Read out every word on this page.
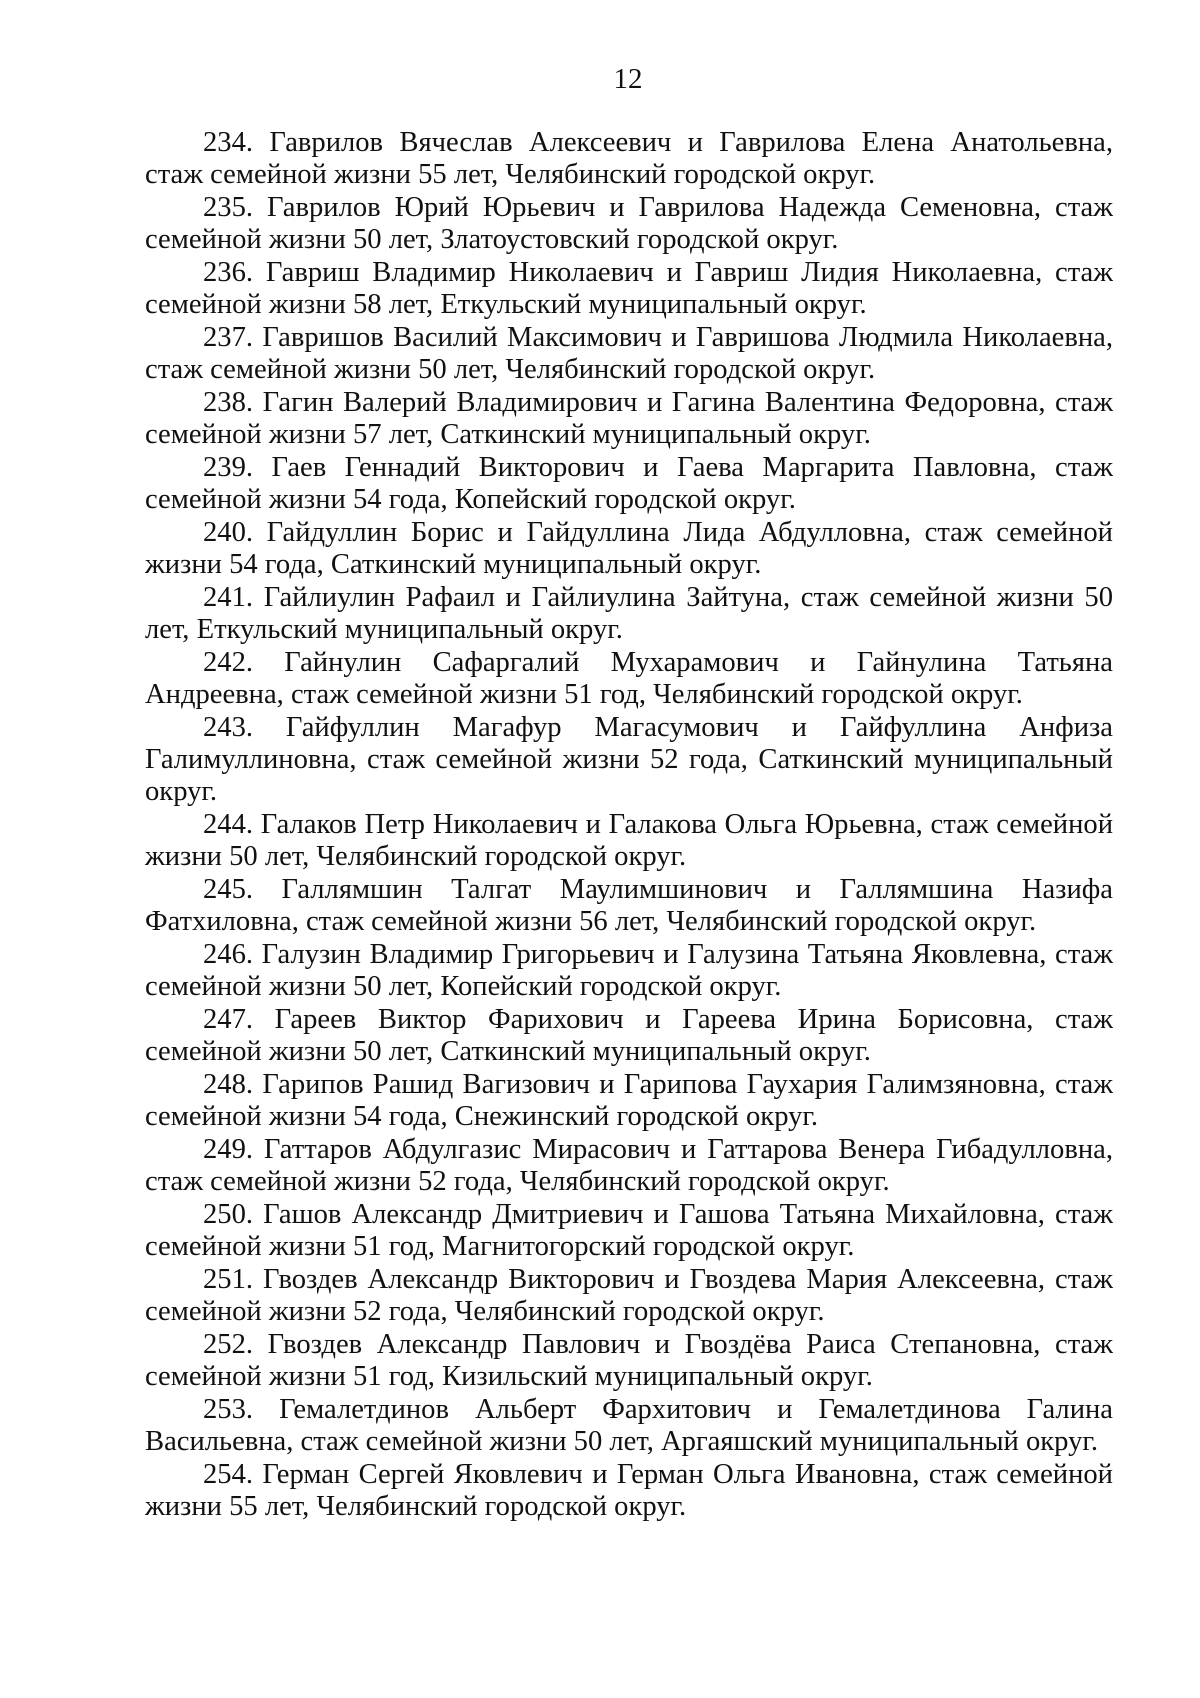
12

234. Гаврилов Вячеслав Алексеевич и Гаврилова Елена Анатольевна, стаж семейной жизни 55 лет, Челябинский городской округ.

235. Гаврилов Юрий Юрьевич и Гаврилова Надежда Семеновна, стаж семейной жизни 50 лет, Златоустовский городской округ.

236. Гавриш Владимир Николаевич и Гавриш Лидия Николаевна, стаж семейной жизни 58 лет, Еткульский муниципальный округ.

237. Гавришов Василий Максимович и Гавришова Людмила Николаевна, стаж семейной жизни 50 лет, Челябинский городской округ.

238. Гагин Валерий Владимирович и Гагина Валентина Федоровна, стаж семейной жизни 57 лет, Саткинский муниципальный округ.

239. Гаев Геннадий Викторович и Гаева Маргарита Павловна, стаж семейной жизни 54 года, Копейский городской округ.

240. Гайдуллин Борис и Гайдуллина Лида Абдулловна, стаж семейной жизни 54 года, Саткинский муниципальный округ.

241. Гайлиулин Рафаил и Гайлиулина Зайтуна, стаж семейной жизни 50 лет, Еткульский муниципальный округ.

242. Гайнулин Сафаргалий Мухарамович и Гайнулина Татьяна Андреевна, стаж семейной жизни 51 год, Челябинский городской округ.

243. Гайфуллин Магафур Магасумович и Гайфуллина Анфиза Галимуллиновна, стаж семейной жизни 52 года, Саткинский муниципальный округ.

244. Галаков Петр Николаевич и Галакова Ольга Юрьевна, стаж семейной жизни 50 лет, Челябинский городской округ.

245. Галлямшин Талгат Маулимшинович и Галлямшина Назифа Фатхиловна, стаж семейной жизни 56 лет, Челябинский городской округ.

246. Галузин Владимир Григорьевич и Галузина Татьяна Яковлевна, стаж семейной жизни 50 лет, Копейский городской округ.

247. Гареев Виктор Фарихович и Гареева Ирина Борисовна, стаж семейной жизни 50 лет, Саткинский муниципальный округ.

248. Гарипов Рашид Вагизович и Гарипова Гаухария Галимзяновна, стаж семейной жизни 54 года, Снежинский городской округ.

249. Гаттаров Абдулгазис Мирасович и Гаттарова Венера Гибадулловна, стаж семейной жизни 52 года, Челябинский городской округ.

250. Гашов Александр Дмитриевич и Гашова Татьяна Михайловна, стаж семейной жизни 51 год, Магнитогорский городской округ.

251. Гвоздев Александр Викторович и Гвоздева Мария Алексеевна, стаж семейной жизни 52 года, Челябинский городской округ.

252. Гвоздев Александр Павлович и Гвоздёва Раиса Степановна, стаж семейной жизни 51 год, Кизильский муниципальный округ.

253. Гемалетдинов Альберт Фархитович и Гемалетдинова Галина Васильевна, стаж семейной жизни 50 лет, Аргаяшский муниципальный округ.

254. Герман Сергей Яковлевич и Герман Ольга Ивановна, стаж семейной жизни 55 лет, Челябинский городской округ.
